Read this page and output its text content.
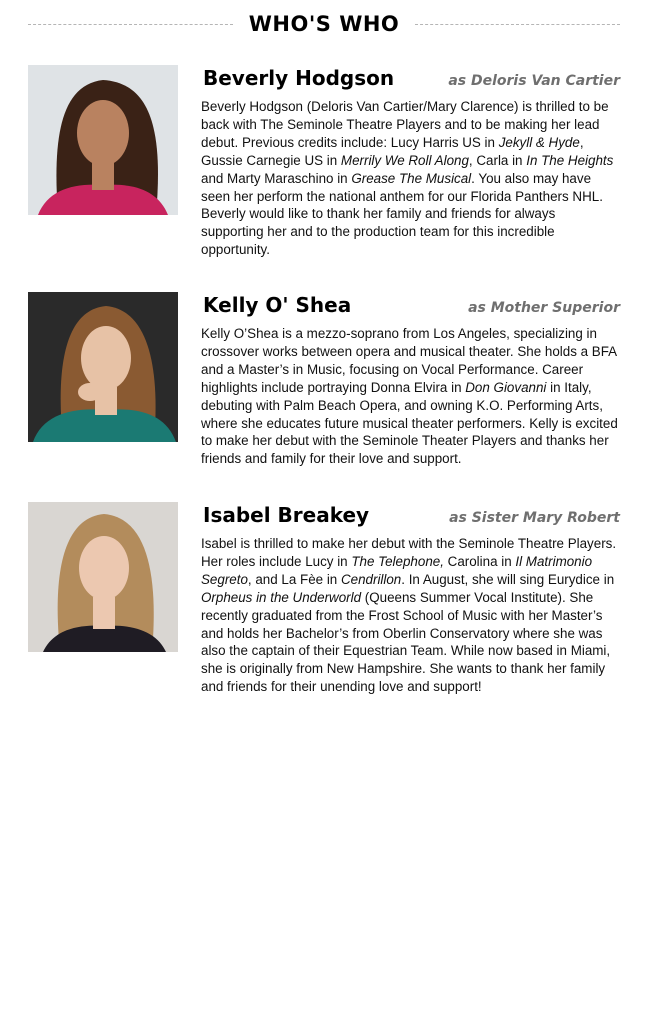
WHO'S WHO
Beverly Hodgson	as Deloris Van Cartier

Beverly Hodgson (Deloris Van Cartier/Mary Clarence) is thrilled to be back with The Seminole Theatre Players and to be making her lead debut. Previous credits include: Lucy Harris US in Jekyll & Hyde, Gussie Carnegie US in Merrily We Roll Along, Carla in In The Heights and Marty Maraschino in Grease The Musical. You also may have seen her perform the national anthem for our Florida Panthers NHL. Beverly would like to thank her family and friends for always supporting her and to the production team for this incredible opportunity.

Kelly O' Shea	as Mother Superior

Kelly O’Shea is a mezzo-soprano from Los Angeles, specializing in crossover works between opera and musical theater. She holds a BFA and a Master’s in Music, focusing on Vocal Performance. Career highlights include portraying Donna Elvira in Don Giovanni in Italy, debuting with Palm Beach Opera, and owning K.O. Performing Arts, where she educates future musical theater performers. Kelly is excited to make her debut with the Seminole Theater Players and thanks her friends and family for their love and support.

Isabel Breakey	as Sister Mary Robert

Isabel is thrilled to make her debut with the Seminole Theatre Players. Her roles include Lucy in The Telephone, Carolina in Il Matrimonio Segreto, and La Fèe in Cendrillon. In August, she will sing Eurydice in Orpheus in the Underworld (Queens Summer Vocal Institute). She recently graduated from the Frost School of Music with her Master’s and holds her Bachelor’s from Oberlin Conservatory where she was also the captain of their Equestrian Team. While now based in Miami, she is originally from New Hampshire. She wants to thank her family and friends for their unending love and support!
